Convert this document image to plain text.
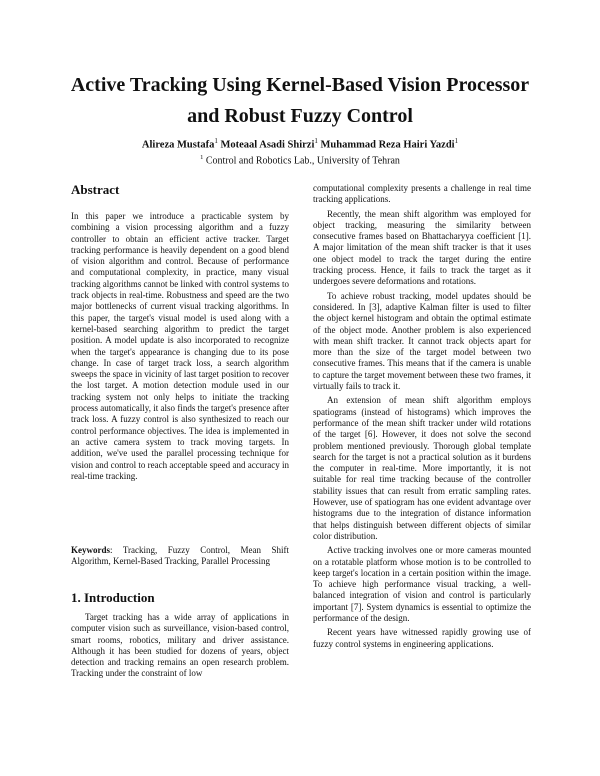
Active Tracking Using Kernel-Based Vision Processor
and Robust Fuzzy Control

Alireza Mustafa$^1$ Moteaal Asadi Shirzi$^1$ Muhammad Reza Hairi Yazdi$^1$

$^1$ Control and Robotics Lab., University of Tehran

Abstract

In this paper we introduce a practicable system by combining a vision processing algorithm and a fuzzy controller to obtain an efficient active tracker. Target tracking performance is heavily dependent on a good blend of vision algorithm and control. Because of performance and computational complexity, in practice, many visual tracking algorithms cannot be linked with control systems to track objects in real-time. Robustness and speed are the two major bottlenecks of current visual tracking algorithms. In this paper, the target's visual model is used along with a kernel-based searching algorithm to predict the target position. A model update is also incorporated to recognize when the target's appearance is changing due to its pose change. In case of target track loss, a search algorithm sweeps the space in vicinity of last target position to recover the lost target. A motion detection module used in our tracking system not only helps to initiate the tracking process automatically, it also finds the target's presence after track loss. A fuzzy control is also synthesized to reach our control performance objectives. The idea is implemented in an active camera system to track moving targets. In addition, we've used the parallel processing technique for vision and control to reach acceptable speed and accuracy in real-time tracking.

Keywords: Tracking, Fuzzy Control, Mean Shift Algorithm, Kernel-Based Tracking, Parallel Processing

1. Introduction

Target tracking has a wide array of applications in computer vision such as surveillance, vision-based control, smart rooms, robotics, military and driver assistance. Although it has been studied for dozens of years, object detection and tracking remains an open research problem. Tracking under the constraint of low

computational complexity presents a challenge in real time tracking applications.

Recently, the mean shift algorithm was employed for object tracking, measuring the similarity between consecutive frames based on Bhattacharyya coefficient [1]. A major limitation of the mean shift tracker is that it uses one object model to track the target during the entire tracking process. Hence, it fails to track the target as it undergoes severe deformations and rotations.

To achieve robust tracking, model updates should be considered. In [3], adaptive Kalman filter is used to filter the object kernel histogram and obtain the optimal estimate of the object mode. Another problem is also experienced with mean shift tracker. It cannot track objects apart for more than the size of the target model between two consecutive frames. This means that if the camera is unable to capture the target movement between these two frames, it virtually fails to track it.

An extension of mean shift algorithm employs spatiograms (instead of histograms) which improves the performance of the mean shift tracker under wild rotations of the target [6]. However, it does not solve the second problem mentioned previously. Thorough global template search for the target is not a practical solution as it burdens the computer in real-time. More importantly, it is not suitable for real time tracking because of the controller stability issues that can result from erratic sampling rates. However, use of spatiogram has one evident advantage over histograms due to the integration of distance information that helps distinguish between different objects of similar color distribution.

Active tracking involves one or more cameras mounted on a rotatable platform whose motion is to be controlled to keep target's location in a certain position within the image. To achieve high performance visual tracking, a well-balanced integration of vision and control is particularly important [7]. System dynamics is essential to optimize the performance of the design.

Recent years have witnessed rapidly growing use of fuzzy control systems in engineering applications.
